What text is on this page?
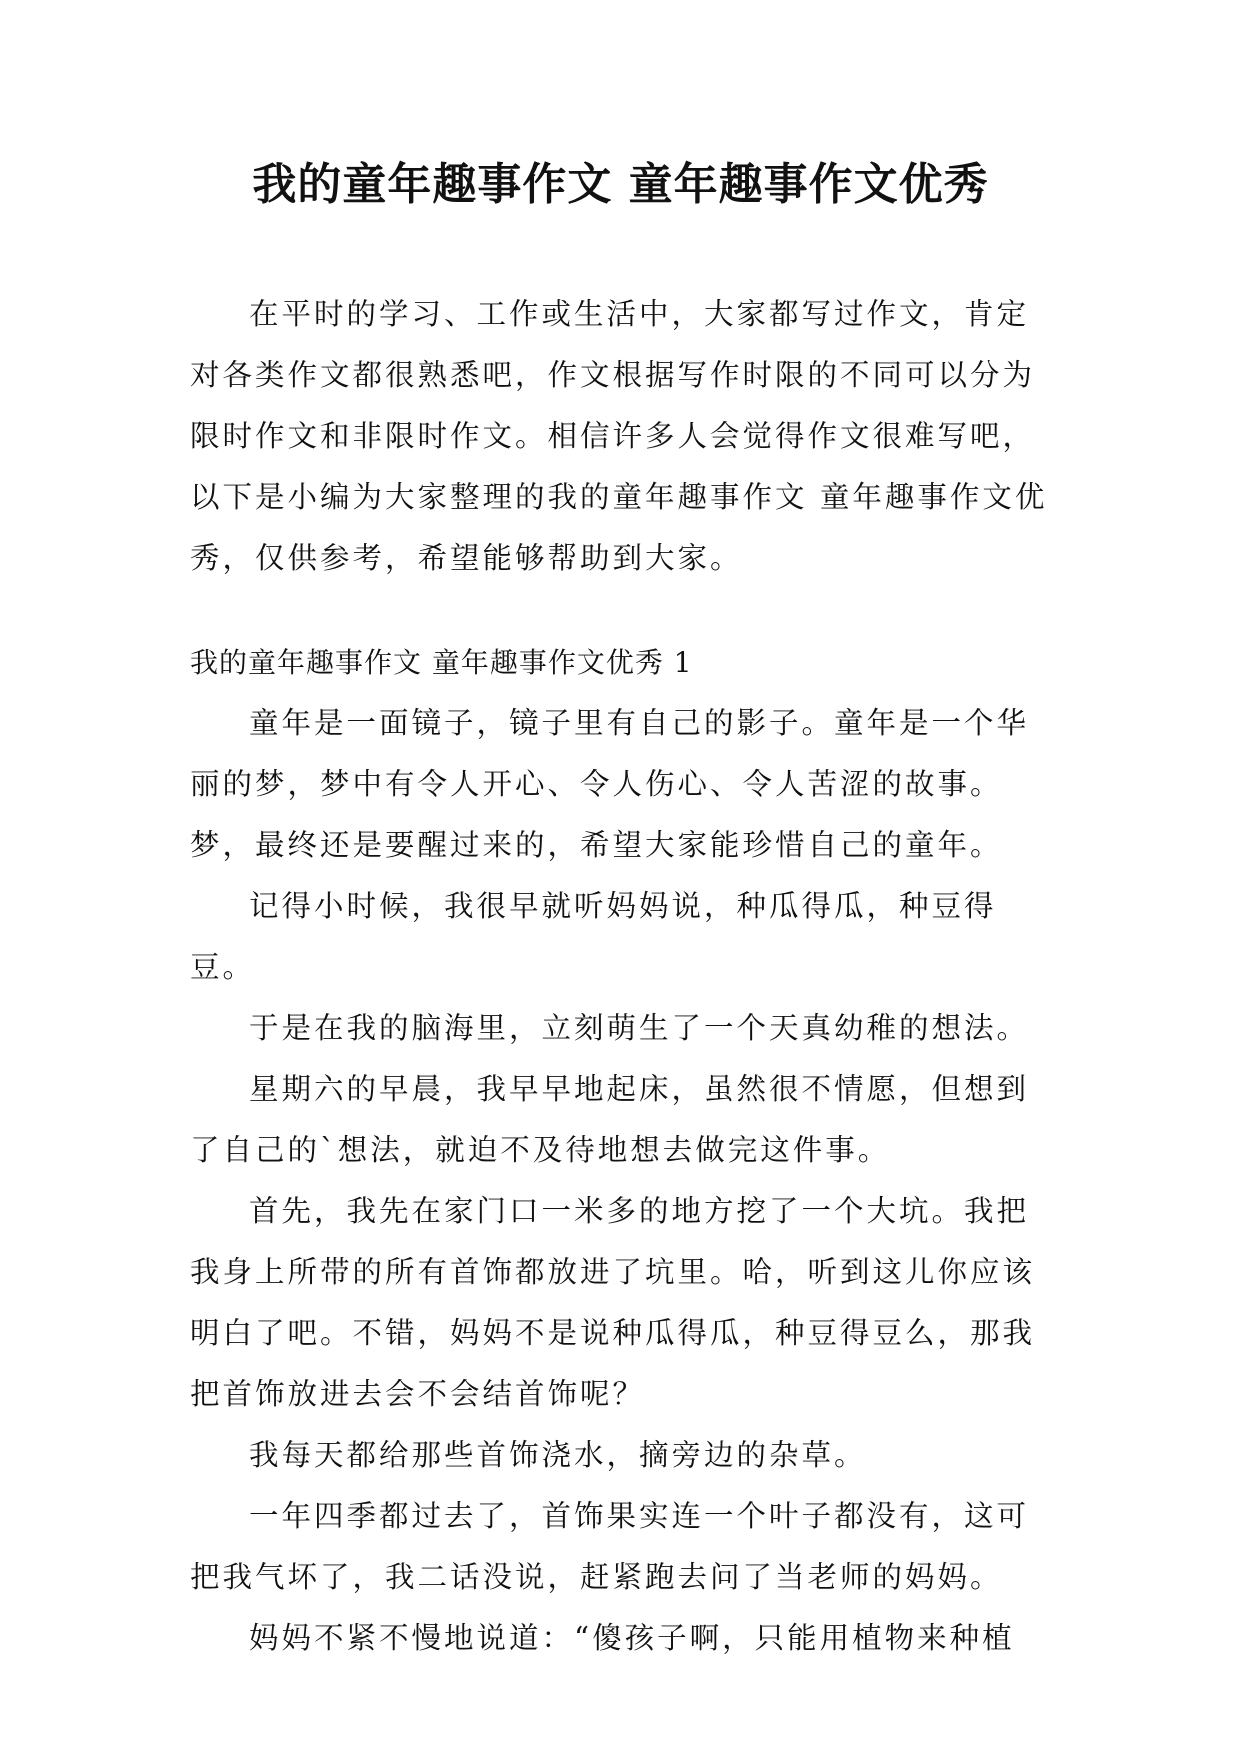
我的童年趣事作文 童年趣事作文优秀

在平时的学习、工作或生活中，大家都写过作文，肯定对各类作文都很熟悉吧，作文根据写作时限的不同可以分为限时作文和非限时作文。相信许多人会觉得作文很难写吧，以下是小编为大家整理的我的童年趣事作文 童年趣事作文优秀，仅供参考，希望能够帮助到大家。

我的童年趣事作文 童年趣事作文优秀 1

童年是一面镜子，镜子里有自己的影子。童年是一个华丽的梦，梦中有令人开心、令人伤心、令人苦涩的故事。梦，最终还是要醒过来的，希望大家能珍惜自己的童年。

记得小时候，我很早就听妈妈说，种瓜得瓜，种豆得豆。

于是在我的脑海里，立刻萌生了一个天真幼稚的想法。

星期六的早晨，我早早地起床，虽然很不情愿，但想到了自己的`想法，就迫不及待地想去做完这件事。

首先，我先在家门口一米多的地方挖了一个大坑。我把我身上所带的所有首饰都放进了坑里。哈，听到这儿你应该明白了吧。不错，妈妈不是说种瓜得瓜，种豆得豆么，那我把首饰放进去会不会结首饰呢？

我每天都给那些首饰浇水，摘旁边的杂草。

一年四季都过去了，首饰果实连一个叶子都没有，这可把我气坏了，我二话没说，赶紧跑去问了当老师的妈妈。

妈妈不紧不慢地说道：“傻孩子啊，只能用植物来种植
